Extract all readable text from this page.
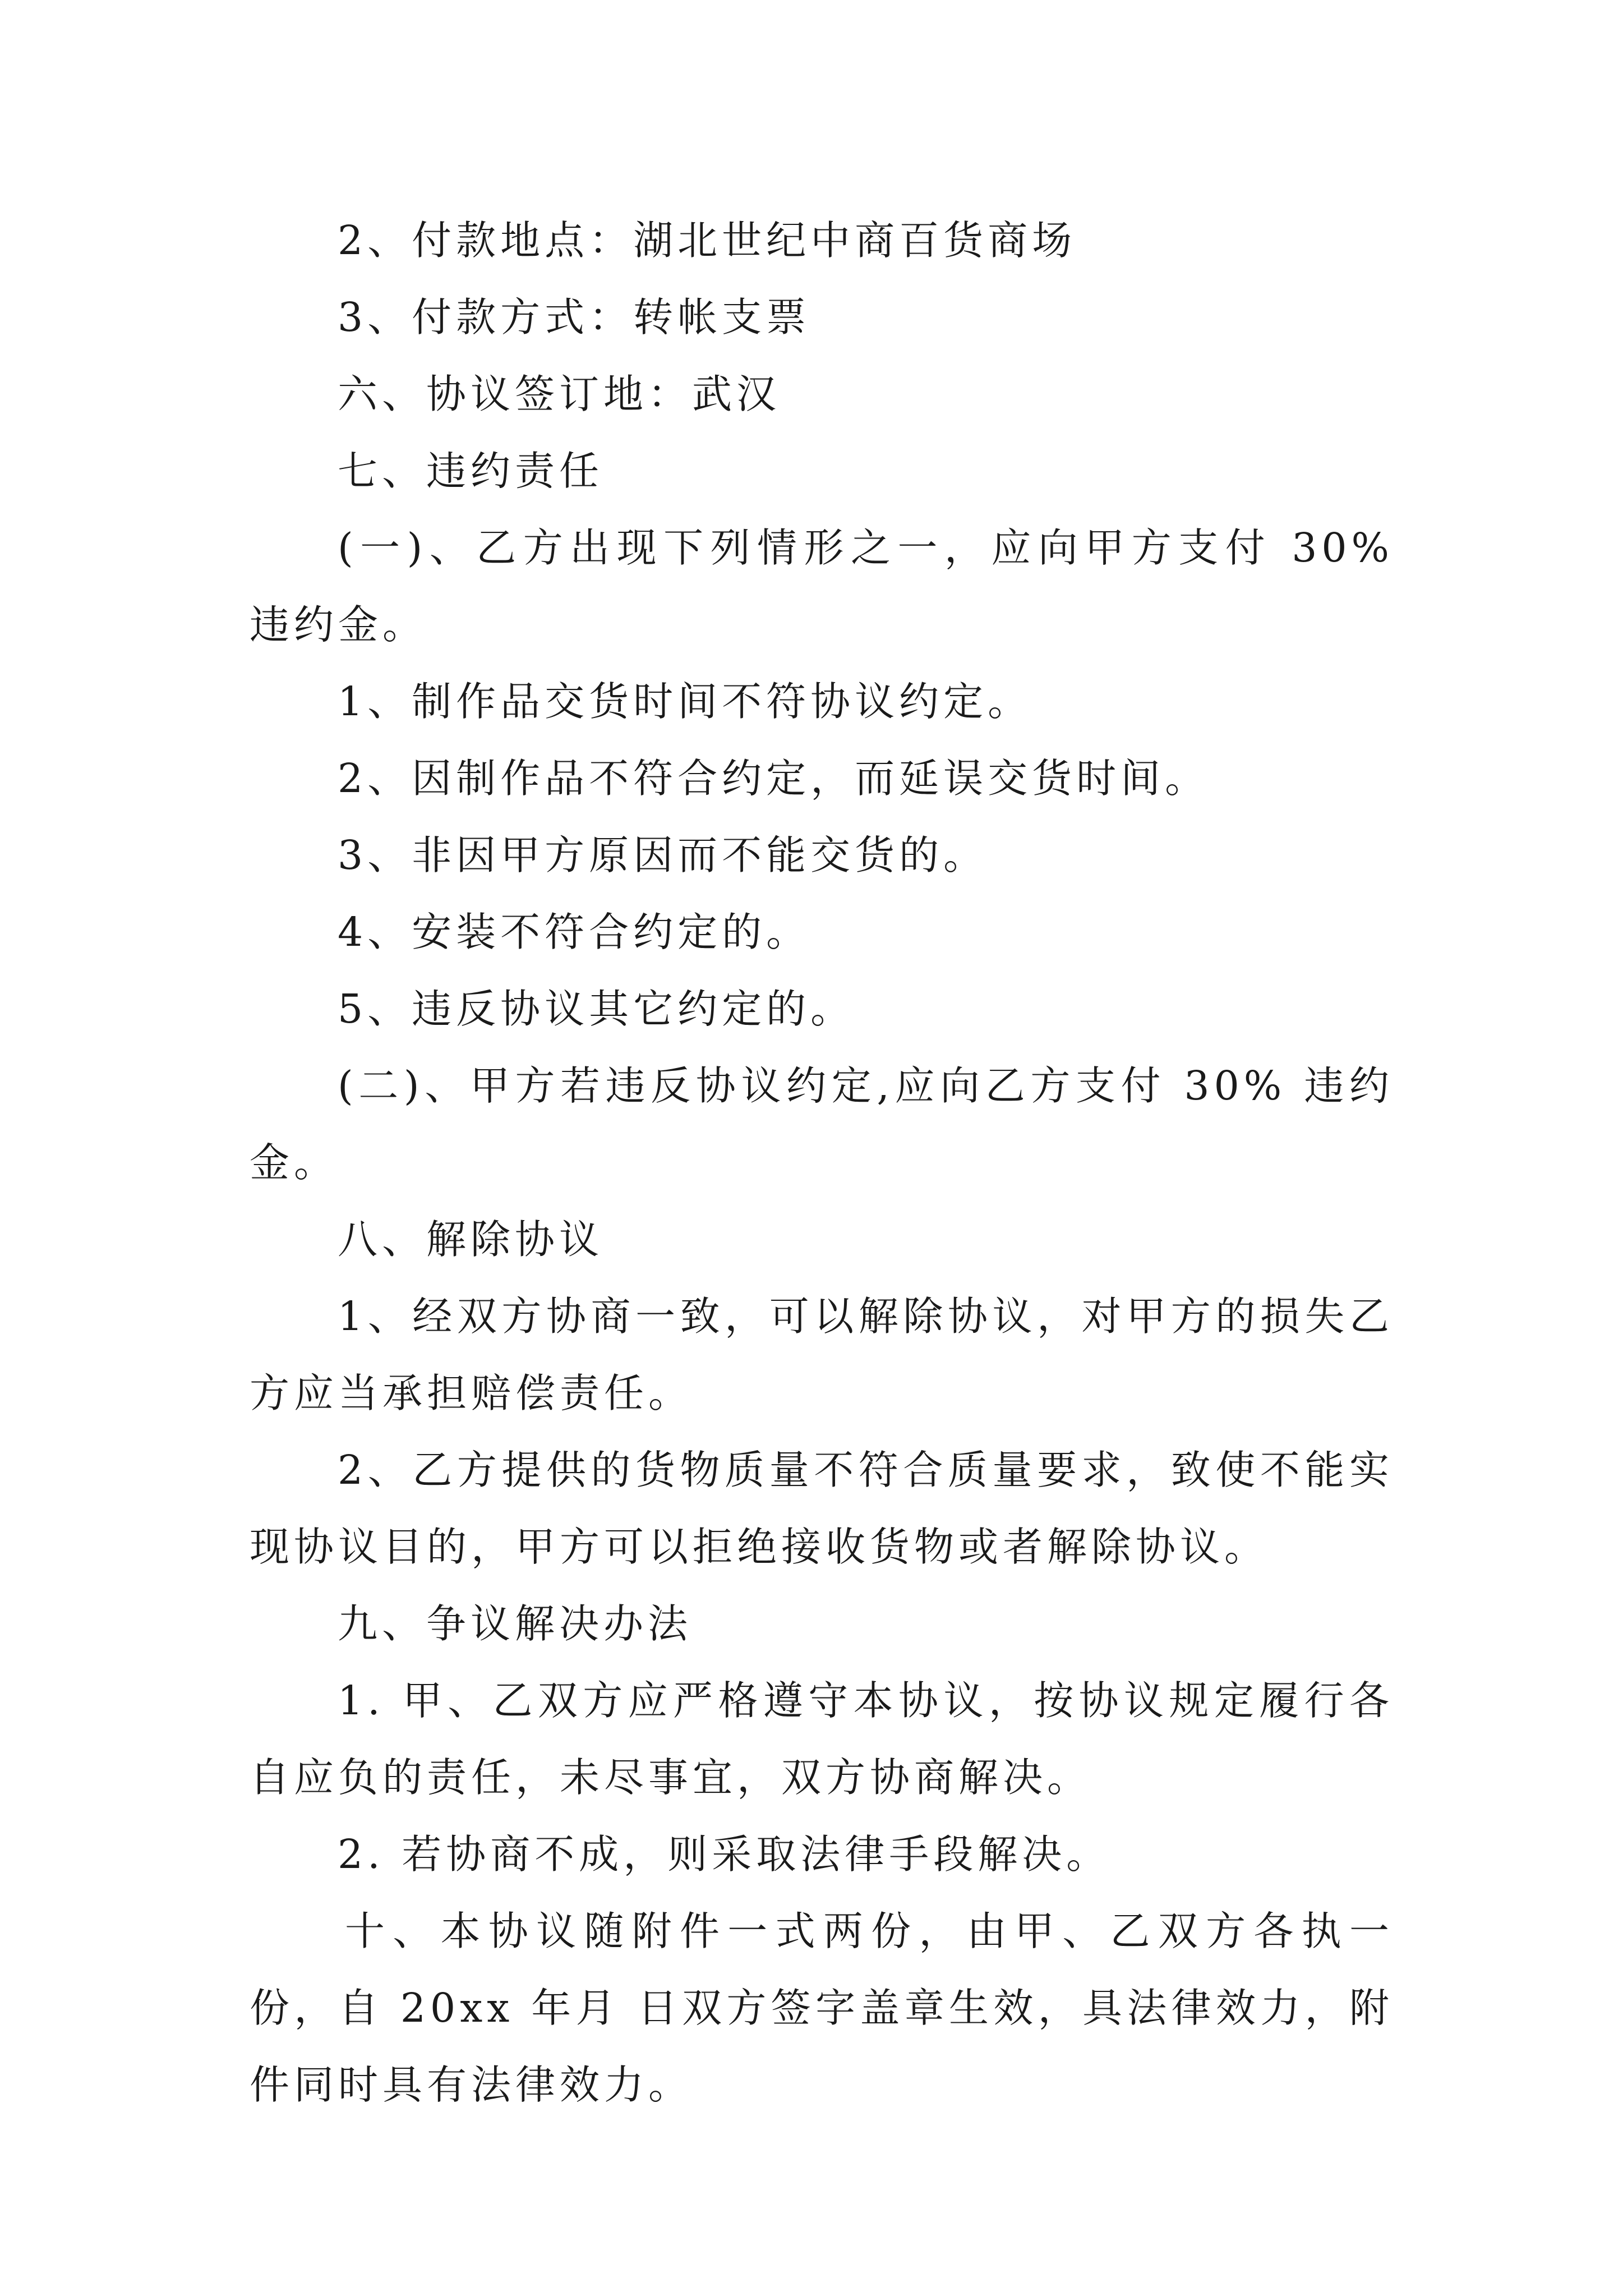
2、付款地点：湖北世纪中商百货商场

3、付款方式：转帐支票

六、协议签订地：武汉

七、违约责任

(一)、乙方出现下列情形之一，应向甲方支付 30% 违约金。

1、制作品交货时间不符协议约定。

2、因制作品不符合约定，而延误交货时间。

3、非因甲方原因而不能交货的。

4、安装不符合约定的。

5、违反协议其它约定的。

(二)、甲方若违反协议约定,应向乙方支付 30% 违约金。

八、解除协议

1、经双方协商一致，可以解除协议，对甲方的损失乙方应当承担赔偿责任。

2、乙方提供的货物质量不符合质量要求，致使不能实现协议目的，甲方可以拒绝接收货物或者解除协议。

九、争议解决办法

1. 甲、乙双方应严格遵守本协议，按协议规定履行各自应负的责任，未尽事宜，双方协商解决。

2. 若协商不成，则采取法律手段解决。

十、本协议随附件一式两份，由甲、乙双方各执一份，自 20xx 年月 日双方签字盖章生效，具法律效力，附件同时具有法律效力。
